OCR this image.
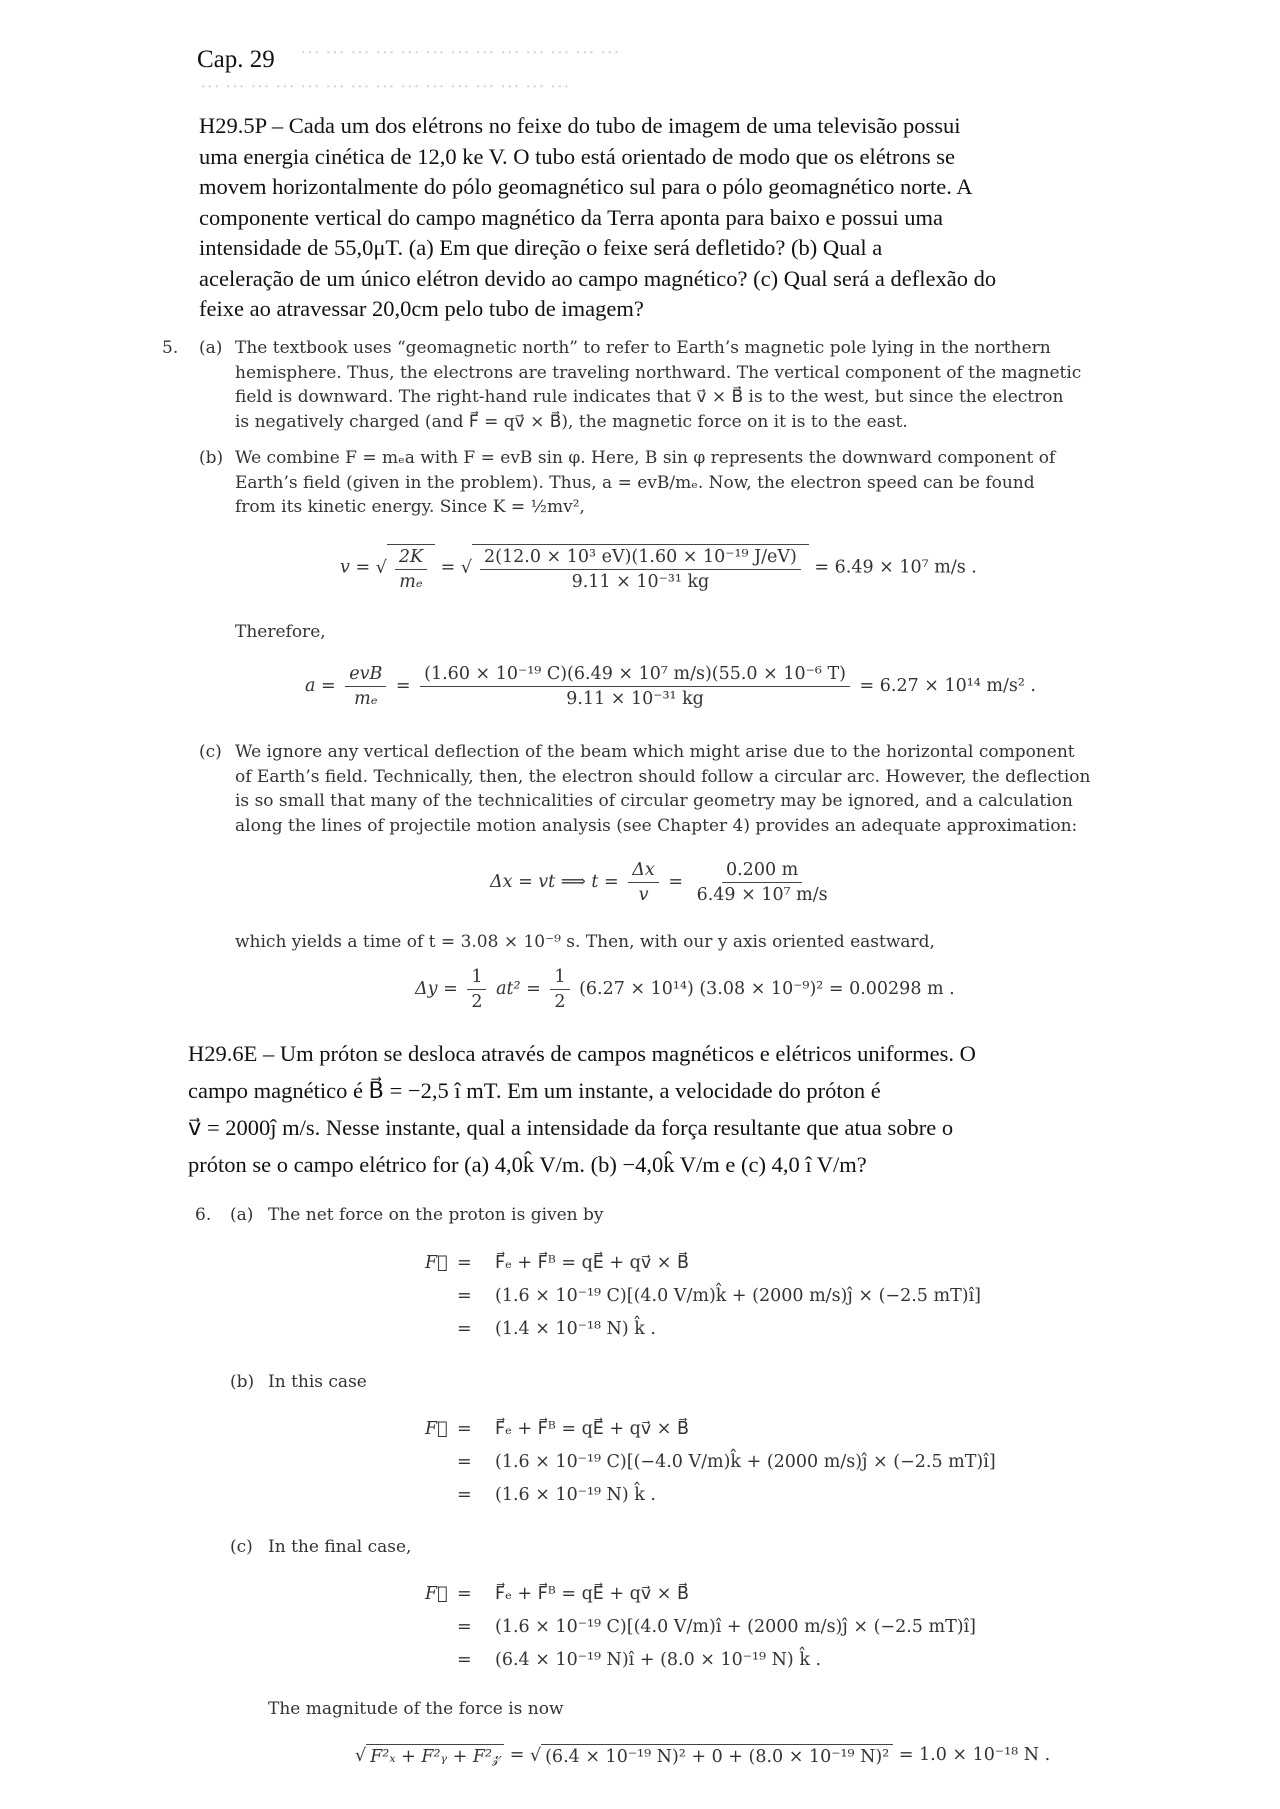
··· ··· ··· ··· ··· ··· ··· ··· ··· ··· ··· ··· ···
··· ··· ··· ··· ··· ··· ··· ··· ··· ··· ··· ··· ··· ··· ···
Cap. 29
H29.5P – Cada um dos elétrons no feixe do tubo de imagem de uma televisão possui
uma energia cinética de 12,0 ke V. O tubo está orientado de modo que os elétrons se
movem horizontalmente do pólo geomagnético sul para o pólo geomagnético norte. A
componente vertical do campo magnético da Terra aponta para baixo e possui uma
intensidade de 55,0μT. (a) Em que direção o feixe será defletido? (b) Qual a
aceleração de um único elétron devido ao campo magnético? (c) Qual será a deflexão do
feixe ao atravessar 20,0cm pelo tubo de imagem?
5. (a) The textbook uses “geomagnetic north” to refer to Earth’s magnetic pole lying in the northern
hemisphere. Thus, the electrons are traveling northward. The vertical component of the magnetic
field is downward. The right-hand rule indicates that v⃗ × B⃗ is to the west, but since the electron
is negatively charged (and F⃗ = qv⃗ × B⃗), the magnetic force on it is to the east.
(b) We combine F = mₑa with F = evB sin φ. Here, B sin φ represents the downward component of
Earth’s field (given in the problem). Thus, a = evB/mₑ. Now, the electron speed can be found
from its kinetic energy. Since K = ½mv²,
v = √ $\frac{2K}{\text{mₑ}}$ = √ $\frac{\text{2(12.0 × 10³ eV)(1.60 × 10⁻¹⁹ J/eV)}}{\text{9.11 × 10⁻³¹ kg}} = 6.49 \times 10^7$ m/s .
Therefore,
$a = \frac{\text{evB}}{\text{mₑ}} = \frac{\text{(1.60 × 10⁻¹⁹ C)(6.49 × 10⁷ m/s)(55.0 × 10⁻⁶ T)}}{\text{9.11 × 10⁻³¹ kg}} = 6.27 \times 10^{14}$ m/s² .
(c) We ignore any vertical deflection of the beam which might arise due to the horizontal component
of Earth’s field. Technically, then, the electron should follow a circular arc. However, the deflection
is so small that many of the technicalities of circular geometry may be ignored, and a calculation
along the lines of projectile motion analysis (see Chapter 4) provides an adequate approximation:
Δx = vt ⟹ $t = \frac{\Delta x}{v} = \frac{0.200 m}{\text{6.49 × 10⁷ m/s}}$
which yields a time of t = 3.08 × 10⁻⁹ s. Then, with our y axis oriented eastward,
$\Delta y = \frac{1}{2} at^2 = \frac{1}{2} (6.27 \times 10^{14}) (3.08 \times 10^{-9})^2 = 0.00298$ m .
H29.6E – Um próton se desloca através de campos magnéticos e elétricos uniformes. O
campo magnético é B⃗ = −2,5 î mT. Em um instante, a velocidade do próton é
v⃗ = 2000ĵ m/s. Nesse instante, qual a intensidade da força resultante que atua sobre o
próton se o campo elétrico for (a) 4,0k̂ V/m. (b) −4,0k̂ V/m e (c) 4,0 î V/m?
6. (a) The net force on the proton is given by
F⃗ = F⃗ₑ + F⃗ᴮ = qE⃗ + qv⃗ × B⃗
= (1.6 × 10⁻¹⁹ C)[(4.0 V/m)k̂ + (2000 m/s)ĵ × (−2.5 mT)î]
= (1.4 × 10⁻¹⁸ N) k̂ .
(b) In this case
F⃗ = F⃗ₑ + F⃗ᴮ = qE⃗ + qv⃗ × B⃗
= (1.6 × 10⁻¹⁹ C)[(−4.0 V/m)k̂ + (2000 m/s)ĵ × (−2.5 mT)î]
= (1.6 × 10⁻¹⁹ N) k̂ .
(c) In the final case,
F⃗ = F⃗ₑ + F⃗ᴮ = qE⃗ + qv⃗ × B⃗
= (1.6 × 10⁻¹⁹ C)[(4.0 V/m)î + (2000 m/s)ĵ × (−2.5 mT)î]
= (6.4 × 10⁻¹⁹ N)î + (8.0 × 10⁻¹⁹ N) k̂ .
The magnitude of the force is now
√ F²ₓ + F²ᵧ + F²𝓏 = √ (6.4 × 10⁻¹⁹ N)² + 0 + (8.0 × 10⁻¹⁹ N)² = 1.0 × 10⁻¹⁸ N .
